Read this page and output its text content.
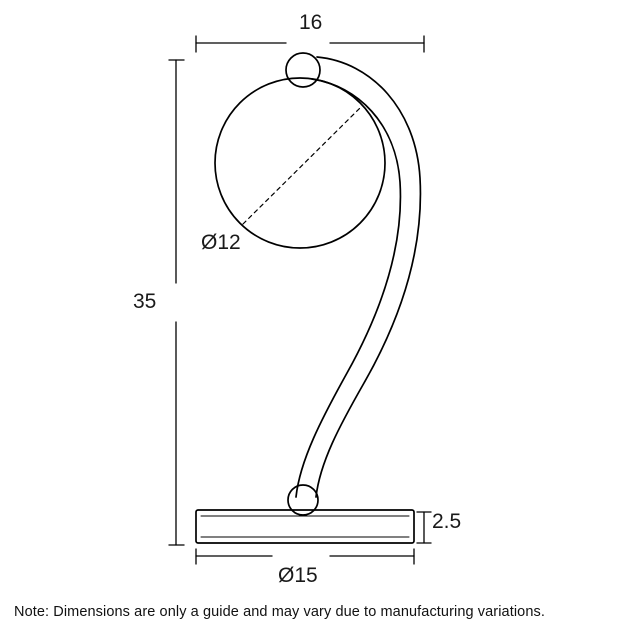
16
35
Ø12
2.5
Ø15
Note: Dimensions are only a guide and may vary due to manufacturing variations.
